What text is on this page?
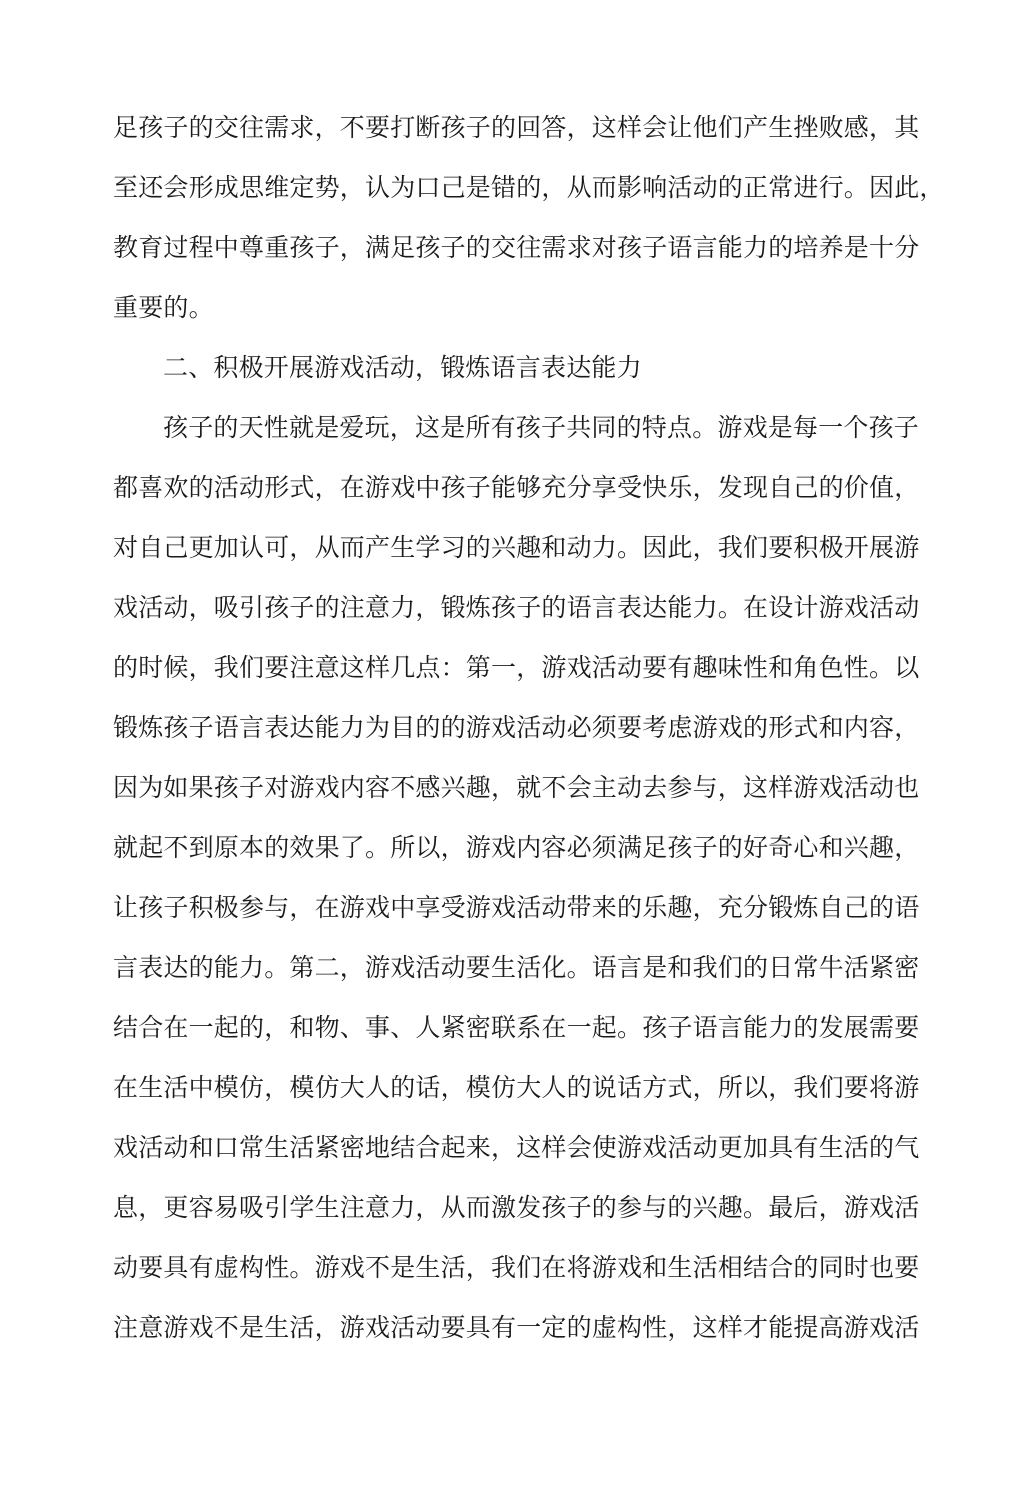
足孩子的交往需求，不要打断孩子的回答，这样会让他们产生挫败感，其
至还会形成思维定势，认为口己是错的，从而影响活动的正常进行。因此，
教育过程中尊重孩子，满足孩子的交往需求对孩子语言能力的培养是十分
重要的。
二、积极开展游戏活动，锻炼语言表达能力
孩子的天性就是爱玩，这是所有孩子共同的特点。游戏是每一个孩子
都喜欢的活动形式，在游戏中孩子能够充分享受快乐，发现自己的价值，
对自己更加认可，从而产生学习的兴趣和动力。因此，我们要积极开展游
戏活动，吸引孩子的注意力，锻炼孩子的语言表达能力。在设计游戏活动
的时候，我们要注意这样几点：第一，游戏活动要有趣味性和角色性。以
锻炼孩子语言表达能力为目的的游戏活动必须要考虑游戏的形式和内容，
因为如果孩子对游戏内容不感兴趣，就不会主动去参与，这样游戏活动也
就起不到原本的效果了。所以，游戏内容必须满足孩子的好奇心和兴趣，
让孩子积极参与，在游戏中享受游戏活动带来的乐趣，充分锻炼自己的语
言表达的能力。第二，游戏活动要生活化。语言是和我们的日常牛活紧密
结合在一起的，和物、事、人紧密联系在一起。孩子语言能力的发展需要
在生活中模仿，模仿大人的话，模仿大人的说话方式，所以，我们要将游
戏活动和口常生活紧密地结合起来，这样会使游戏活动更加具有生活的气
息，更容易吸引学生注意力，从而激发孩子的参与的兴趣。最后，游戏活
动要具有虚构性。游戏不是生活，我们在将游戏和生活相结合的同时也要
注意游戏不是生活，游戏活动要具有一定的虚构性，这样才能提高游戏活
